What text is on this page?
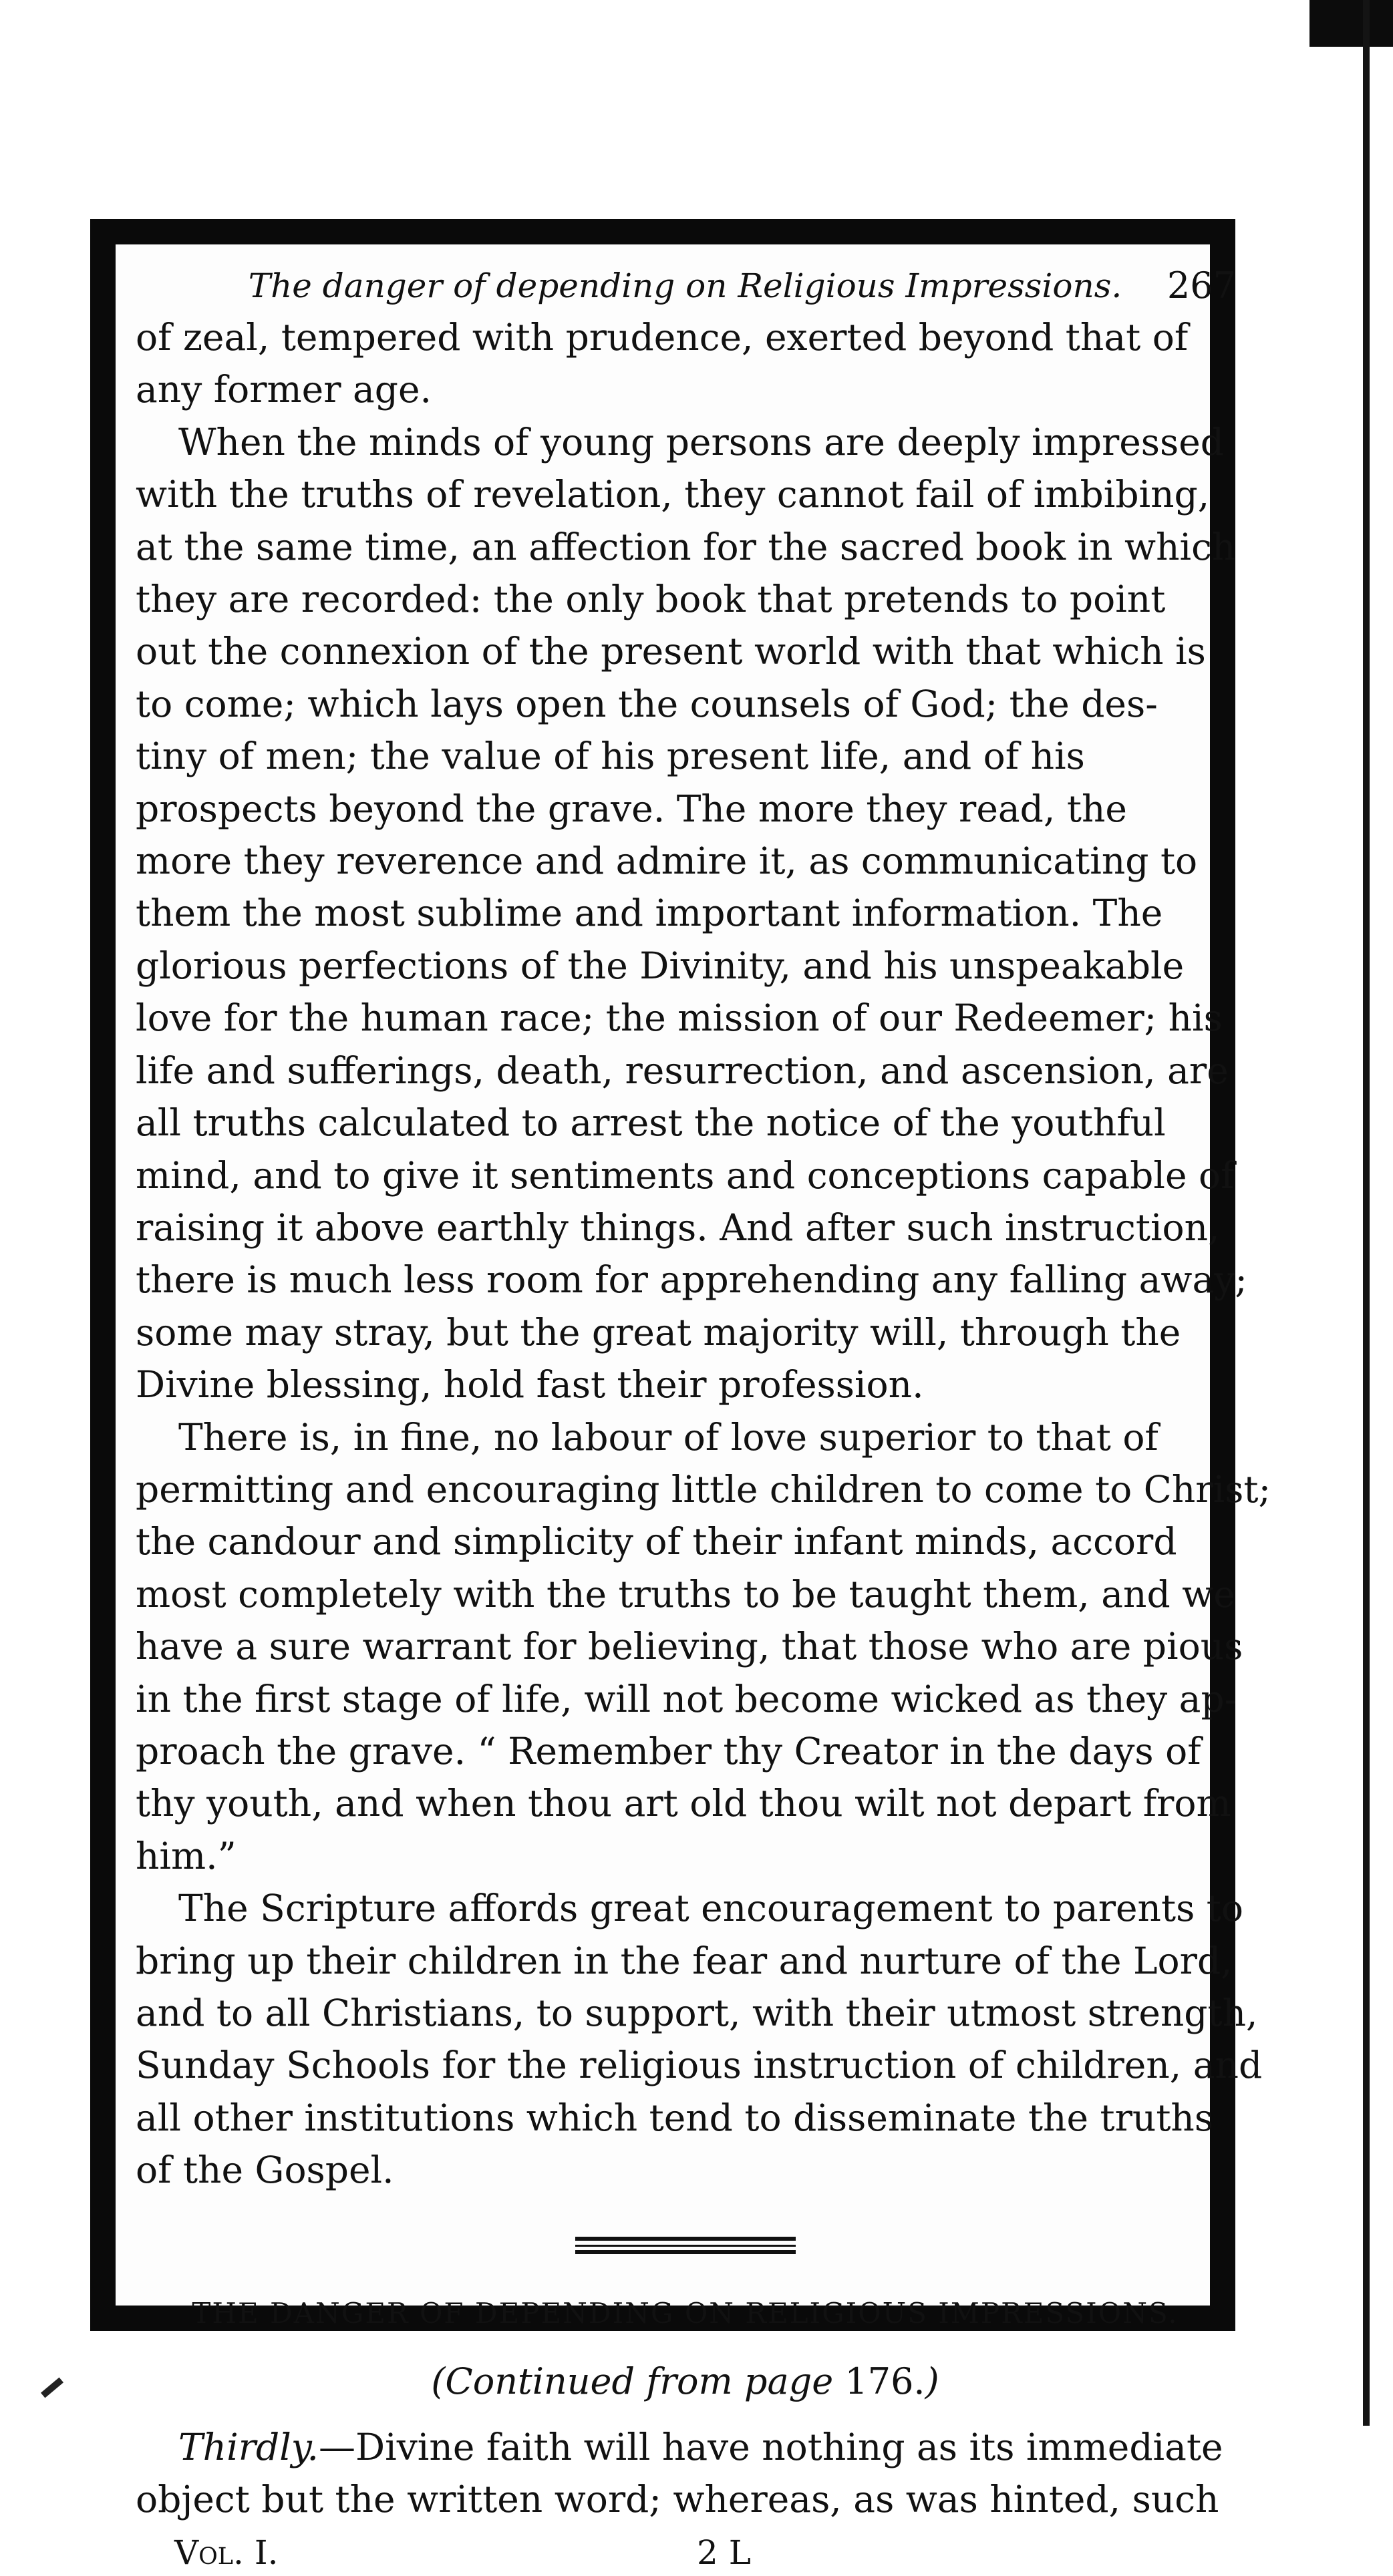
The danger of depending on Religious Impressions. 267

of zeal, tempered with prudence, exerted beyond that of
any former age.

When the minds of young persons are deeply impressed
with the truths of revelation, they cannot fail of imbibing,
at the same time, an affection for the sacred book in which
they are recorded: the only book that pretends to point
out the connexion of the present world with that which is
to come; which lays open the counsels of God; the des-
tiny of men; the value of his present life, and of his
prospects beyond the grave. The more they read, the
more they reverence and admire it, as communicating to
them the most sublime and important information. The
glorious perfections of the Divinity, and his unspeakable
love for the human race; the mission of our Redeemer; his
life and sufferings, death, resurrection, and ascension, are
all truths calculated to arrest the notice of the youthful
mind, and to give it sentiments and conceptions capable of
raising it above earthly things. And after such instruction,
there is much less room for apprehending any falling away;
some may stray, but the great majority will, through the
Divine blessing, hold fast their profession.

There is, in fine, no labour of love superior to that of
permitting and encouraging little children to come to Christ;
the candour and simplicity of their infant minds, accord
most completely with the truths to be taught them, and we
have a sure warrant for believing, that those who are pious
in the first stage of life, will not become wicked as they ap-
proach the grave. “ Remember thy Creator in the days of
thy youth, and when thou art old thou wilt not depart from
him.”

The Scripture affords great encouragement to parents to
bring up their children in the fear and nurture of the Lord,
and to all Christians, to support, with their utmost strength,
Sunday Schools for the religious instruction of children, and
all other institutions which tend to disseminate the truths
of the Gospel.

THE DANGER OF DEPENDING ON RELIGIOUS IMPRESSIONS.
(Continued from page 176.)

Thirdly.—Divine faith will have nothing as its immediate
object but the written word; whereas, as was hinted, such

Vol. I.	2 L
